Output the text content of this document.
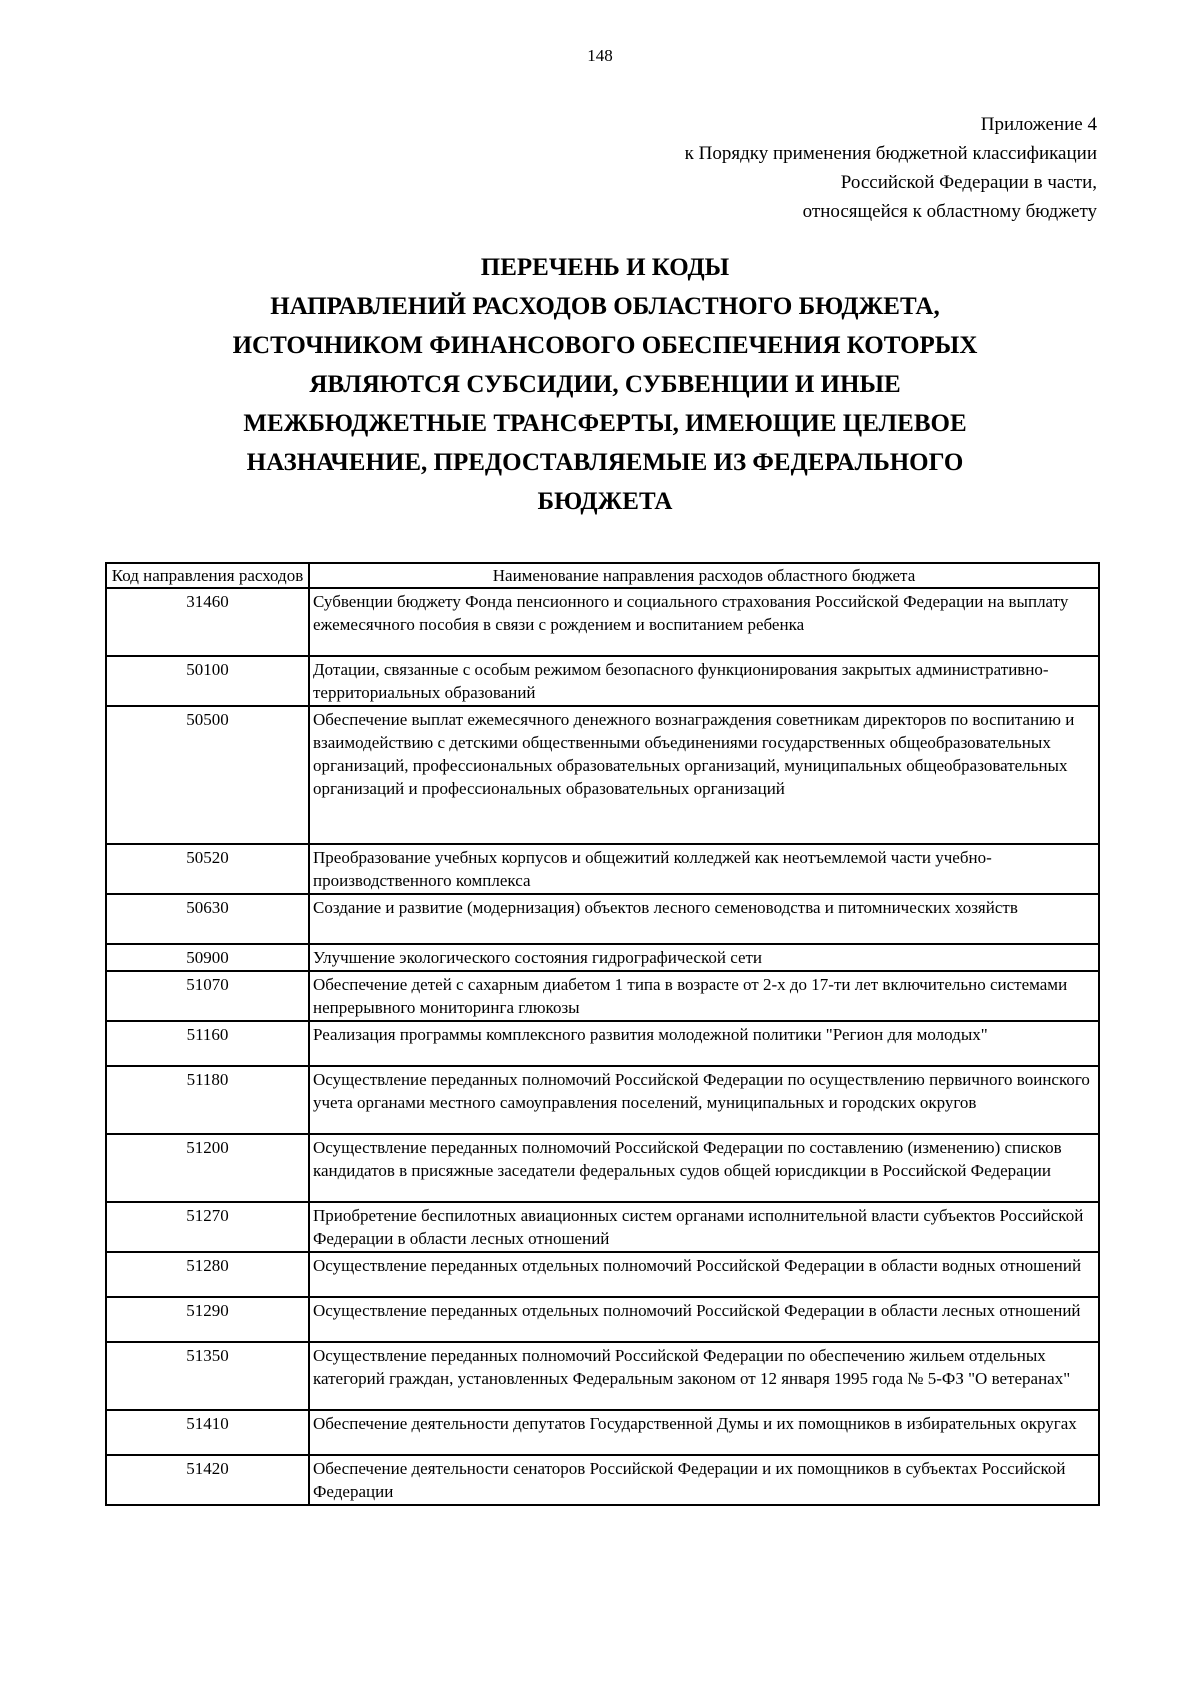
148
Приложение 4
к Порядку применения бюджетной классификации
Российской Федерации в части,
относящейся к областному бюджету
ПЕРЕЧЕНЬ И КОДЫ
НАПРАВЛЕНИЙ РАСХОДОВ ОБЛАСТНОГО БЮДЖЕТА,
ИСТОЧНИКОМ ФИНАНСОВОГО ОБЕСПЕЧЕНИЯ КОТОРЫХ
ЯВЛЯЮТСЯ СУБСИДИИ, СУБВЕНЦИИ И ИНЫЕ
МЕЖБЮДЖЕТНЫЕ ТРАНСФЕРТЫ, ИМЕЮЩИЕ ЦЕЛЕВОЕ
НАЗНАЧЕНИЕ, ПРЕДОСТАВЛЯЕМЫЕ ИЗ ФЕДЕРАЛЬНОГО
БЮДЖЕТА
Код направления расходов	Наименование направления расходов областного бюджета
31460	Субвенции бюджету Фонда пенсионного и социального страхования Российской Федерации на выплату ежемесячного пособия в связи с рождением и воспитанием ребенка
50100	Дотации, связанные с особым режимом безопасного функционирования закрытых административно-территориальных образований
50500	Обеспечение выплат ежемесячного денежного вознаграждения советникам директоров по воспитанию и взаимодействию с детскими общественными объединениями государственных общеобразовательных организаций, профессиональных образовательных организаций, муниципальных общеобразовательных организаций и профессиональных образовательных организаций
50520	Преобразование учебных корпусов и общежитий колледжей как неотъемлемой части учебно-производственного комплекса
50630	Создание и развитие (модернизация) объектов лесного семеноводства и питомнических хозяйств
50900	Улучшение экологического состояния гидрографической сети
51070	Обеспечение детей с сахарным диабетом 1 типа в возрасте от 2-х до 17-ти лет включительно системами непрерывного мониторинга глюкозы
51160	Реализация программы комплексного развития молодежной политики "Регион для молодых"
51180	Осуществление переданных полномочий Российской Федерации по осуществлению первичного воинского учета органами местного самоуправления поселений, муниципальных и городских округов
51200	Осуществление переданных полномочий Российской Федерации по составлению (изменению) списков кандидатов в присяжные заседатели федеральных судов общей юрисдикции в Российской Федерации
51270	Приобретение беспилотных авиационных систем органами исполнительной власти субъектов Российской Федерации в области лесных отношений
51280	Осуществление переданных отдельных полномочий Российской Федерации в области водных отношений
51290	Осуществление переданных отдельных полномочий Российской Федерации в области лесных отношений
51350	Осуществление переданных полномочий Российской Федерации по обеспечению жильем отдельных категорий граждан, установленных Федеральным законом от 12 января 1995 года № 5-ФЗ "О ветеранах"
51410	Обеспечение деятельности депутатов Государственной Думы и их помощников в избирательных округах
51420	Обеспечение деятельности сенаторов Российской Федерации и их помощников в субъектах Российской Федерации
